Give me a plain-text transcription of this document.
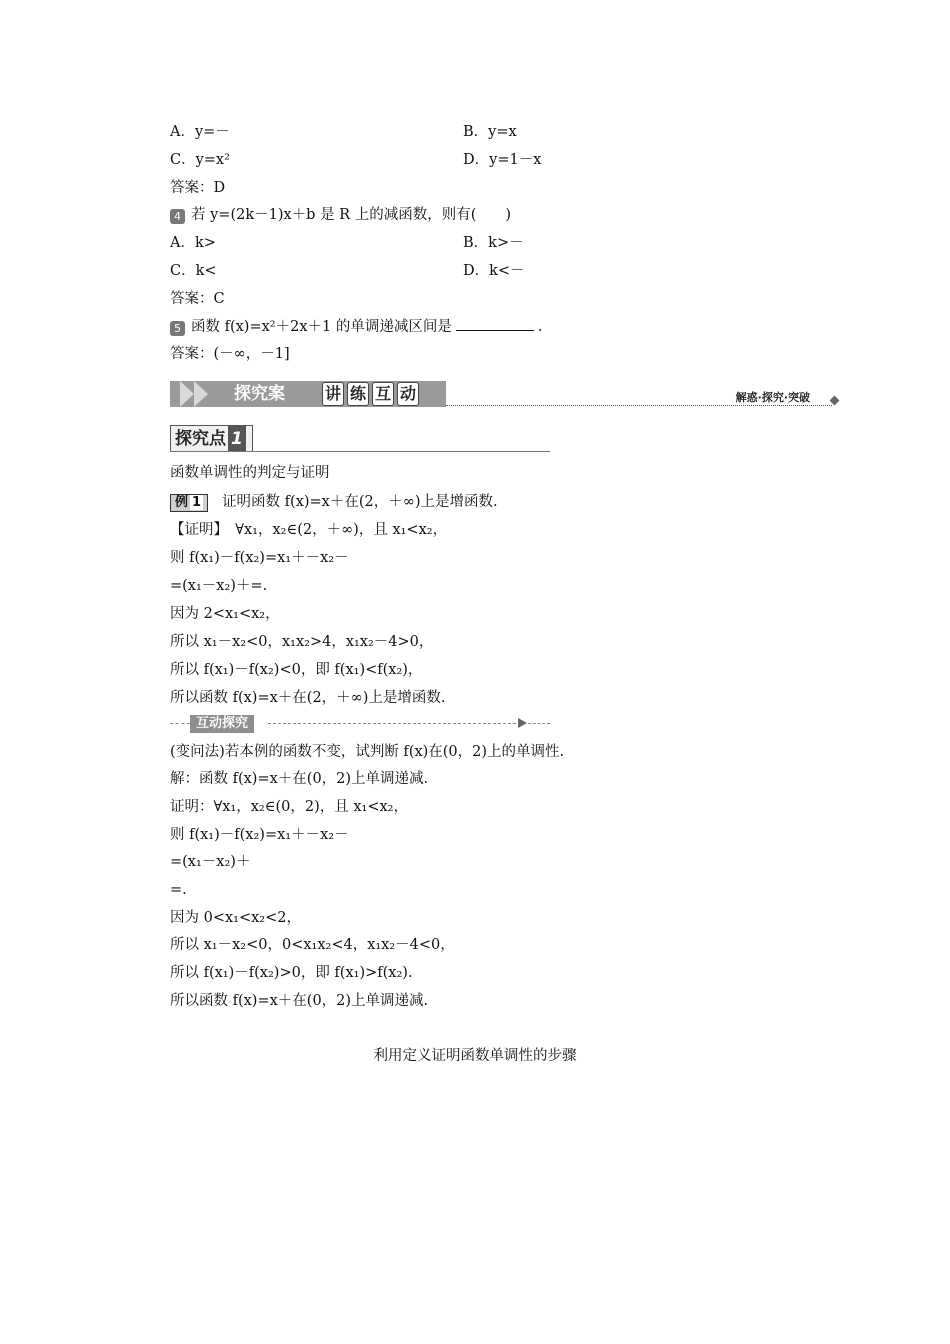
A．y=－	B．y=x
C．y=x²	D．y=1－x
答案：D
4 若 y=(2k－1)x＋b 是 R 上的减函数，则有(　　)
A．k>	B．k>－
C．k<	D．k<－
答案：C
5 函数 f(x)=x²＋2x＋1 的单调递减区间是	.
答案：(－∞，－1]
探究案	讲 练 互 动	解惑·探究·突破
探究点 1
函数单调性的判定与证明
例 1 证明函数 f(x)=x＋在(2，＋∞)上是增函数.
【证明】　∀x₁，x₂∈(2，＋∞)，且 x₁<x₂，
则 f(x₁)－f(x₂)=x₁＋－x₂－
=(x₁－x₂)＋=.
因为 2<x₁<x₂，
所以 x₁－x₂<0，x₁x₂>4，x₁x₂－4>0，
所以 f(x₁)－f(x₂)<0，即 f(x₁)<f(x₂)，
所以函数 f(x)=x＋在(2，＋∞)上是增函数.
互动探究
(变问法)若本例的函数不变，试判断 f(x)在(0，2)上的单调性.
解：函数 f(x)=x＋在(0，2)上单调递减.
证明：∀x₁，x₂∈(0，2)，且 x₁<x₂，
则 f(x₁)－f(x₂)=x₁＋－x₂－
=(x₁－x₂)＋
=.
因为 0<x₁<x₂<2，
所以 x₁－x₂<0，0<x₁x₂<4，x₁x₂－4<0，
所以 f(x₁)－f(x₂)>0，即 f(x₁)>f(x₂).
所以函数 f(x)=x＋在(0，2)上单调递减.
利用定义证明函数单调性的步骤
